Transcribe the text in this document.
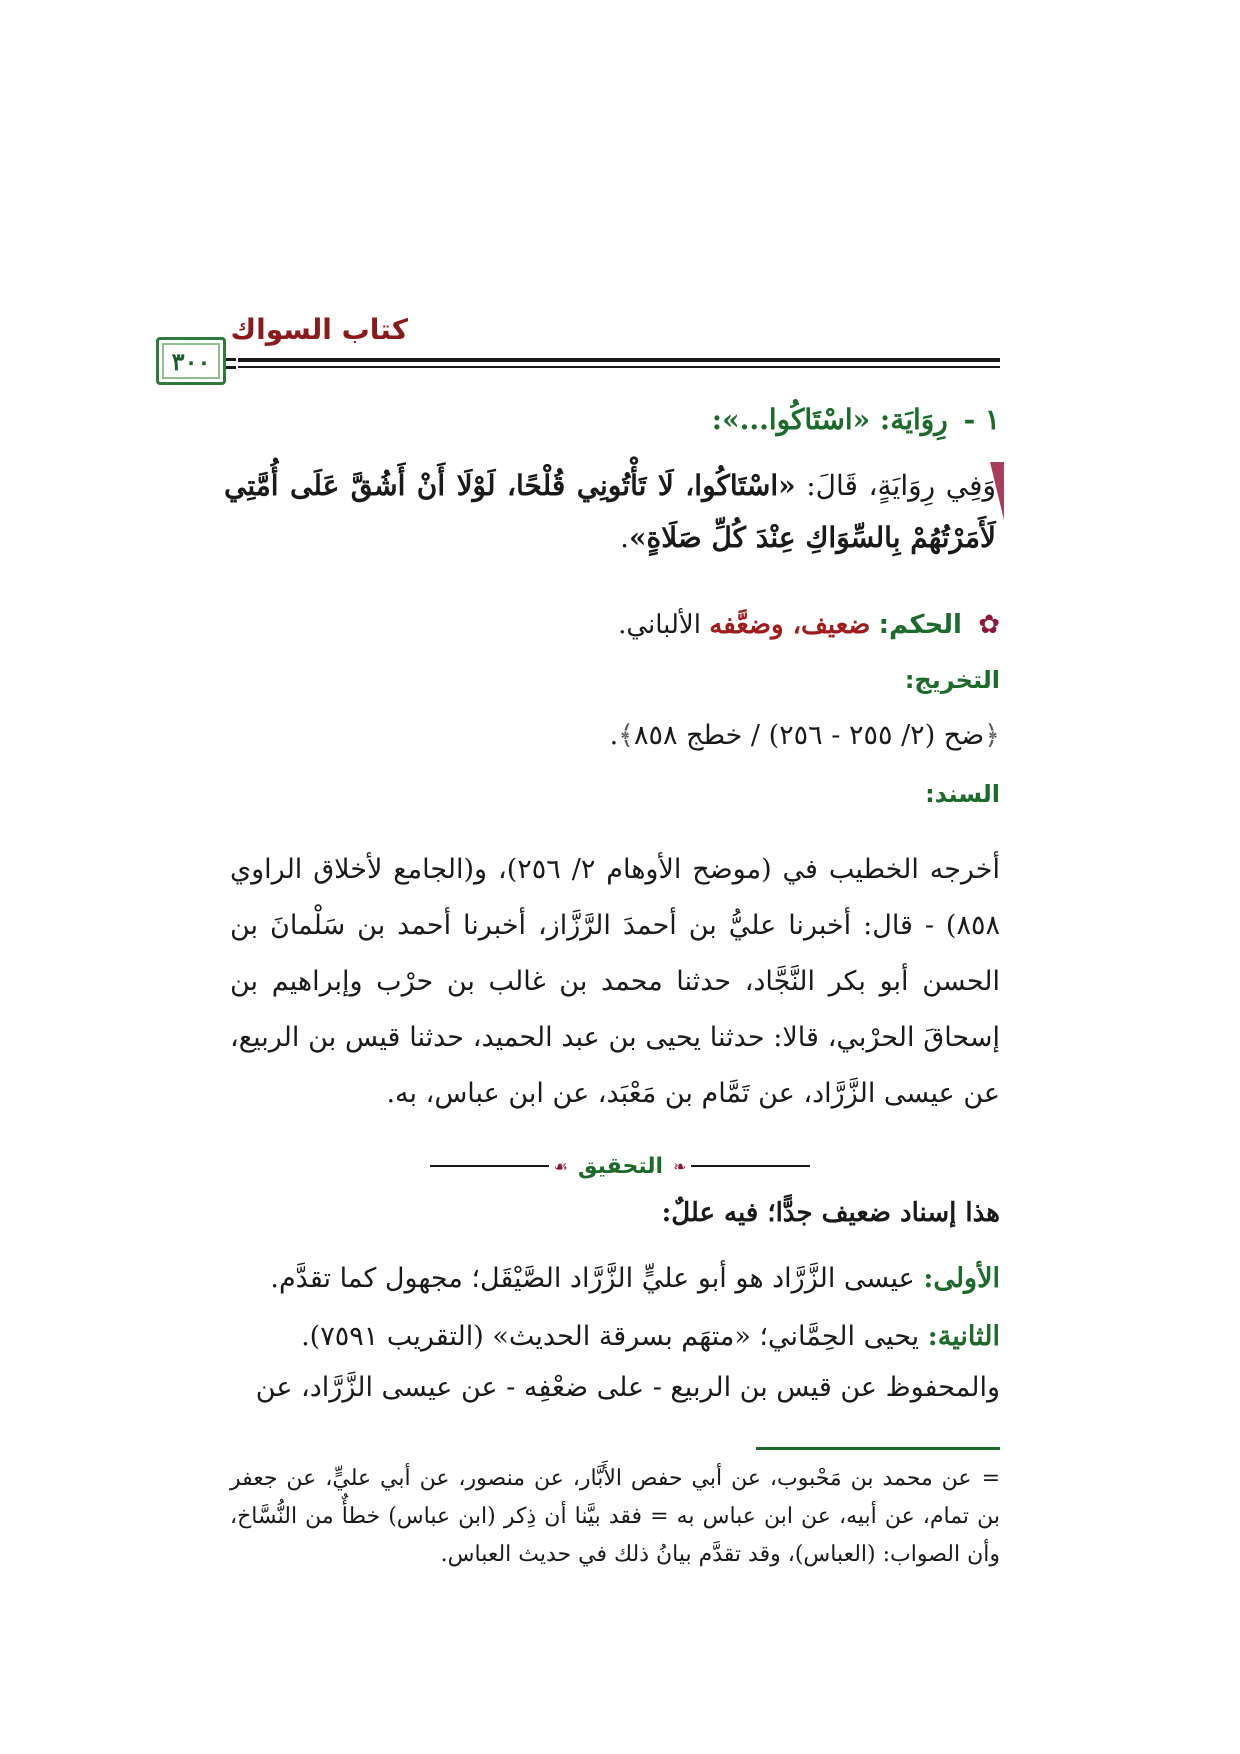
كتاب السواك
٣٠٠
١ - رِوَايَة: «اسْتَاكُوا...»:
وَفِي رِوَايَةٍ، قَالَ: «اسْتَاكُوا، لَا تَأْتُونِي قُلْحًا، لَوْلَا أَنْ أَشُقَّ عَلَى أُمَّتِي لَأَمَرْتُهُمْ بِالسِّوَاكِ عِنْدَ كُلِّ صَلَاةٍ».
✿ الحكم: ضعيف، وضعَّفه الألباني.
التخريج:
﴿ضح (٢/ ٢٥٥ - ٢٥٦) / خطج ٨٥٨﴾.
السند:
أخرجه الخطيب في (موضح الأوهام ٢/ ٢٥٦)، و(الجامع لأخلاق الراوي ٨٥٨) - قال: أخبرنا عليُّ بن أحمدَ الرَّزَّاز، أخبرنا أحمد بن سَلْمانَ بن الحسن أبو بكر النَّجَّاد، حدثنا محمد بن غالب بن حرْب وإبراهيم بن إسحاقَ الحرْبي، قالا: حدثنا يحيى بن عبد الحميد، حدثنا قيس بن الربيع، عن عيسى الزَّرَّاد، عن تَمَّام بن مَعْبَد، عن ابن عباس، به.
❧
التحقيق
☙
هذا إسناد ضعيف جدًّا؛ فيه عللٌ:
الأولى: عيسى الزَّرَّاد هو أبو عليٍّ الزَّرَّاد الصَّيْقَل؛ مجهول كما تقدَّم.
الثانية: يحيى الحِمَّاني؛ «متهَم بسرقة الحديث» (التقريب ٧٥٩١).
والمحفوظ عن قيس بن الربيع - على ضعْفِه - عن عيسى الزَّرَّاد، عن
=عن محمد بن مَحْبوب، عن أبي حفص الأَبَّار، عن منصور، عن أبي عليٍّ، عن جعفر بن تمام، عن أبيه، عن ابن عباس به = فقد بيَّنا أن ذِكر (ابن عباس) خطأٌ من النُّسَّاخ، وأن الصواب: (العباس)، وقد تقدَّم بيانُ ذلك في حديث العباس.
